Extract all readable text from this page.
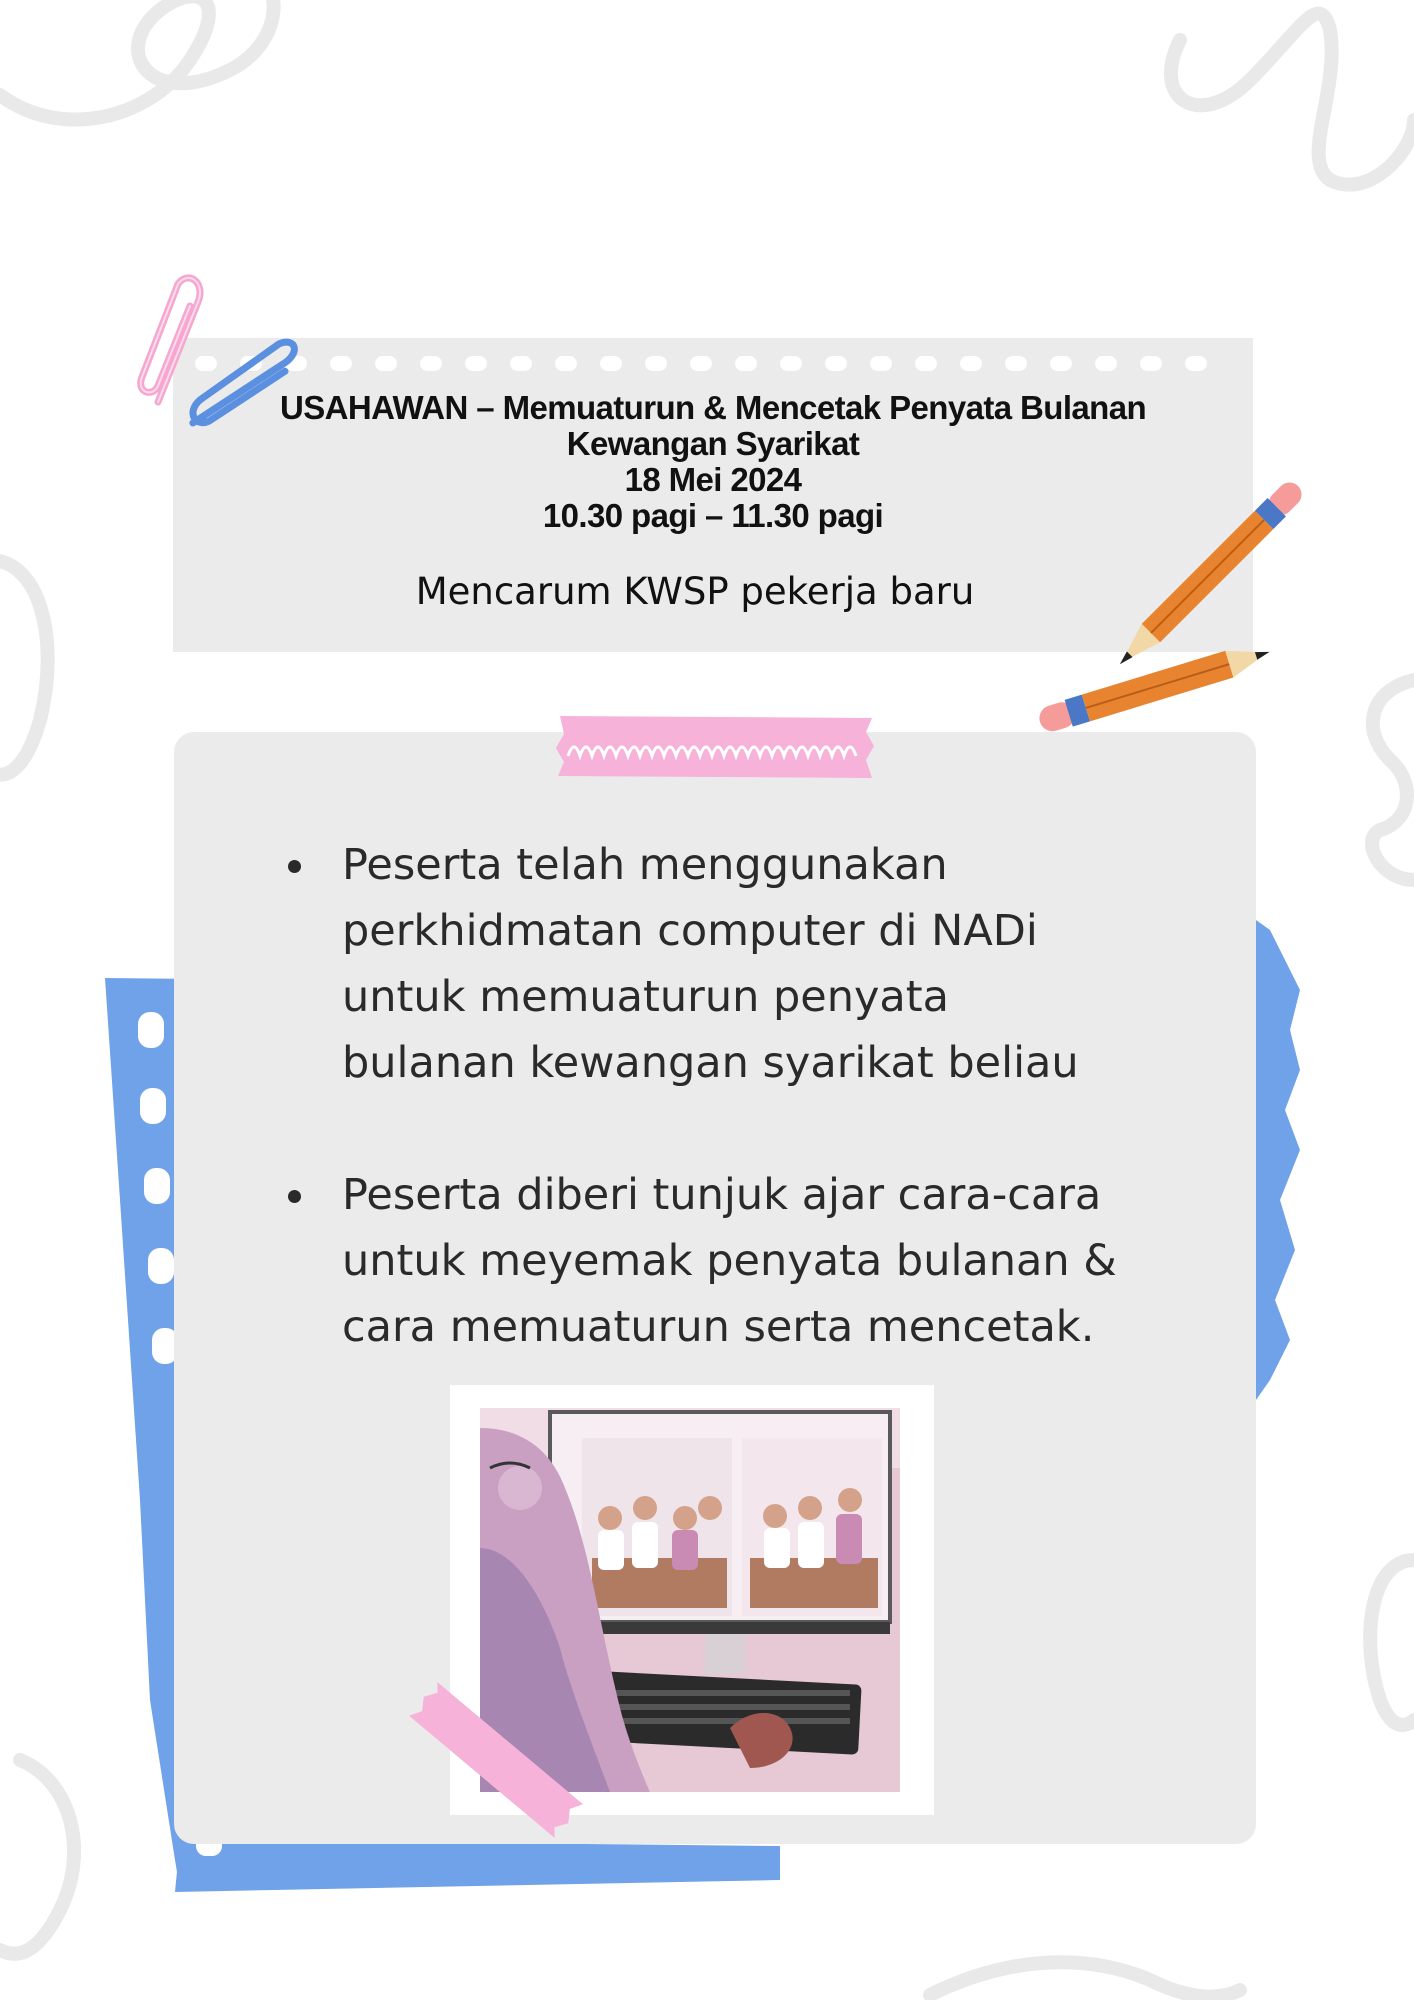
USAHAWAN – Memuaturun & Mencetak Penyata Bulanan
Kewangan Syarikat
18 Mei 2024
10.30 pagi – 11.30 pagi
Mencarum KWSP pekerja baru
Peserta telah menggunakan
perkhidmatan computer di NADi
untuk memuaturun penyata
bulanan kewangan syarikat beliau
Peserta diberi tunjuk ajar cara-cara
untuk meyemak penyata bulanan &
cara memuaturun serta mencetak.
